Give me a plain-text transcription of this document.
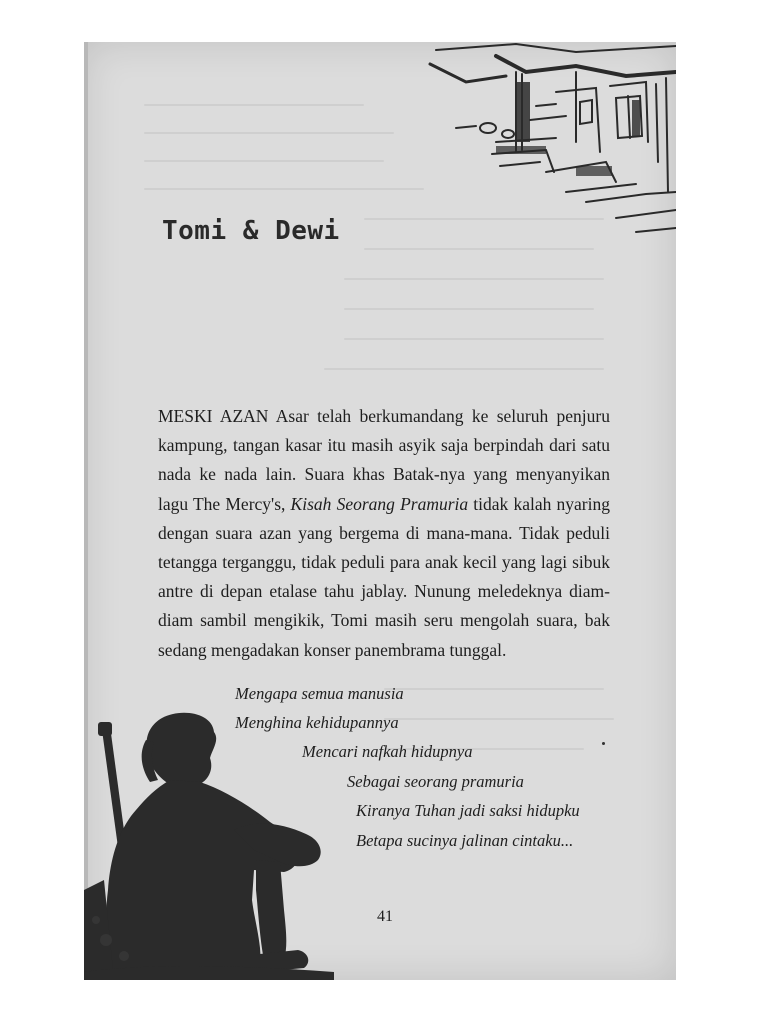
Tomi & Dewi

MESKI AZAN Asar telah berkumandang ke seluruh penjuru kampung, tangan kasar itu masih asyik saja berpindah dari satu nada ke nada lain. Suara khas Batak-nya yang menyanyikan lagu The Mercy's, Kisah Seorang Pramuria tidak kalah nyaring dengan suara azan yang bergema di mana-mana. Tidak peduli tetangga terganggu, tidak peduli para anak kecil yang lagi sibuk antre di depan etalase tahu jablay. Nunung meledeknya diam-diam sambil mengikik, Tomi masih seru mengolah suara, bak sedang mengadakan konser panembrama tunggal.

Mengapa semua manusia
Menghina kehidupannya
Mencari nafkah hidupnya
Sebagai seorang pramuria
Kiranya Tuhan jadi saksi hidupku
Betapa sucinya jalinan cintaku...
41
